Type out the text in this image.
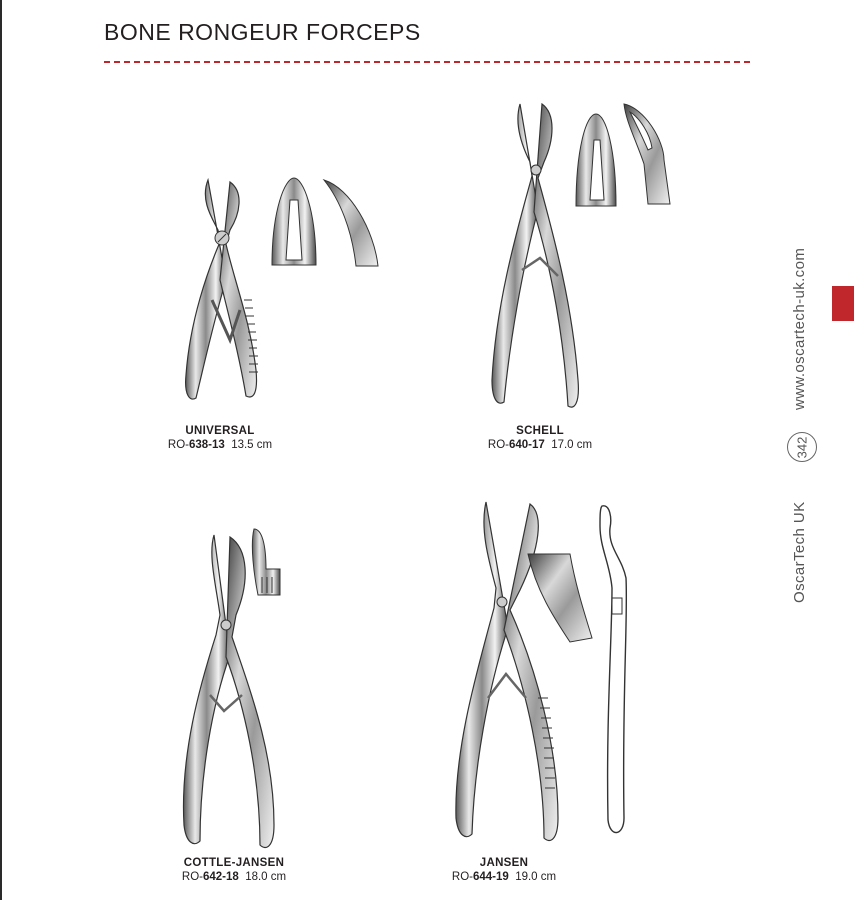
BONE RONGEUR FORCEPS
www.oscartech-uk.com
342
OscarTech UK
UNIVERSAL
RO-638-13 13.5 cm
SCHELL
RO-640-17 17.0 cm
COTTLE-JANSEN
RO-642-18 18.0 cm
JANSEN
RO-644-19 19.0 cm
